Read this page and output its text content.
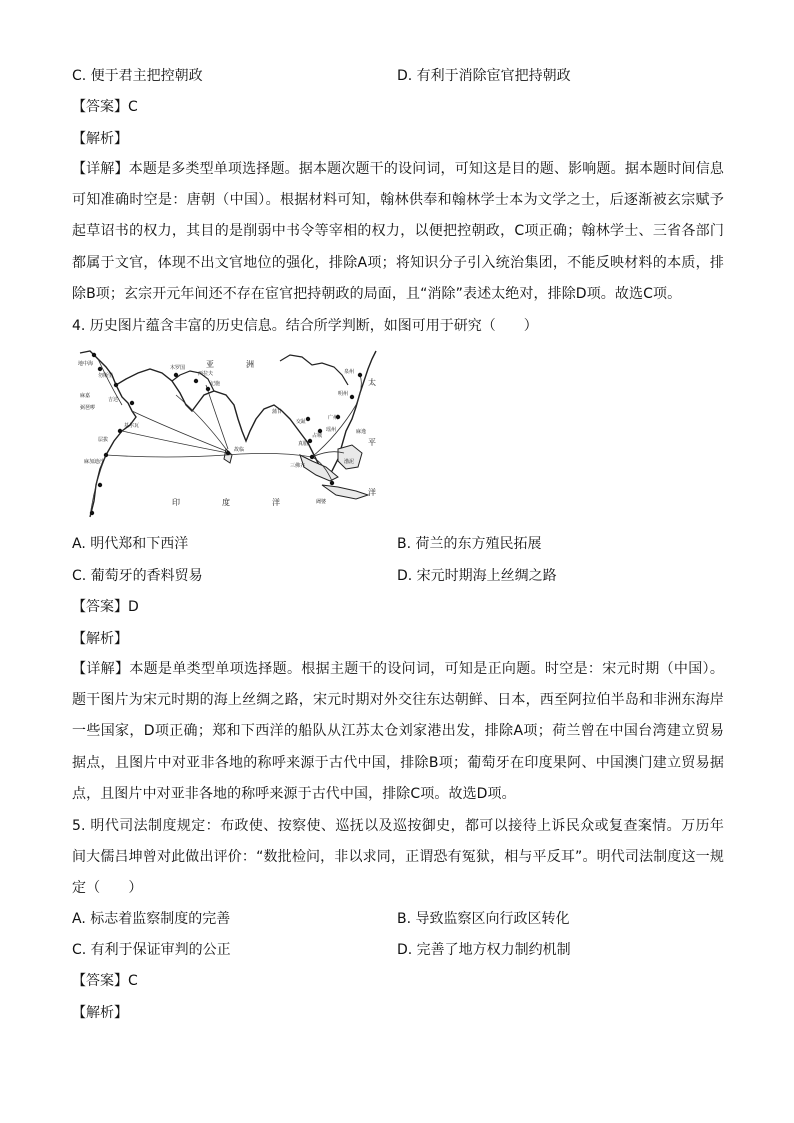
C. 便于君主把控朝政	D. 有利于消除宦官把持朝政
【答案】C
【解析】
【详解】本题是多类型单项选择题。据本题次题干的设问词，可知这是目的题、影响题。据本题时间信息可知准确时空是：唐朝（中国）。根据材料可知，翰林供奉和翰林学士本为文学之士，后逐渐被玄宗赋予起草诏书的权力，其目的是削弱中书令等宰相的权力，以便把控朝政，C项正确；翰林学士、三省各部门都属于文官，体现不出文官地位的强化，排除A项；将知识分子引入统治集团，不能反映材料的本质，排除B项；玄宗开元年间还不存在宦官把持朝政的局面，且“消除”表述太绝对，排除D项。故选C项。
4. 历史图片蕴含丰富的历史信息。结合所学判断，如图可用于研究（　　）
亚	洲
印	度	洋
太
平
洋
地中海
勿斯里
麻嘉
吉达
木罗国
西拉夫
记施
弼琶啰
基尔瓦
层拔
麻加迪沙
故临
三佛齐
阇婆
泉州
广州
明州
交趾
占城
真腊
麻逸
渤泥
瑶州
蒲甘
A. 明代郑和下西洋	B. 荷兰的东方殖民拓展
C. 葡萄牙的香料贸易	D. 宋元时期海上丝绸之路
【答案】D
【解析】
【详解】本题是单类型单项选择题。根据主题干的设问词，可知是正向题。时空是：宋元时期（中国）。题干图片为宋元时期的海上丝绸之路，宋元时期对外交往东达朝鲜、日本，西至阿拉伯半岛和非洲东海岸一些国家，D项正确；郑和下西洋的船队从江苏太仓刘家港出发，排除A项；荷兰曾在中国台湾建立贸易据点，且图片中对亚非各地的称呼来源于古代中国，排除B项；葡萄牙在印度果阿、中国澳门建立贸易据点，且图片中对亚非各地的称呼来源于古代中国，排除C项。故选D项。
5. 明代司法制度规定：布政使、按察使、巡抚以及巡按御史，都可以接待上诉民众或复查案情。万历年间大儒吕坤曾对此做出评价：“数批检问，非以求同，正谓恐有冤狱，相与平反耳”。明代司法制度这一规定（　　）
A. 标志着监察制度的完善	B. 导致监察区向行政区转化
C. 有利于保证审判的公正	D. 完善了地方权力制约机制
【答案】C
【解析】
